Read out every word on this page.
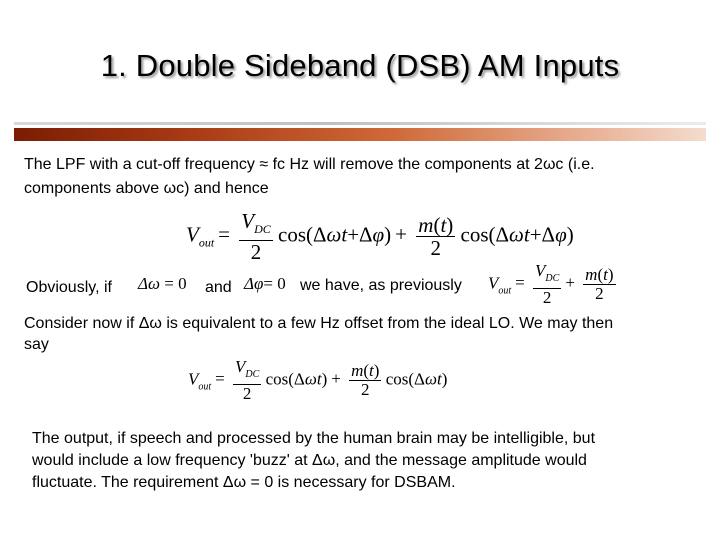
1. Double Sideband (DSB) AM Inputs
The LPF with a cut-off frequency ≈ fc Hz will remove the components at 2ωc (i.e.
components above ωc) and hence
$V_{out} = \frac{V_{DC}}{2} \cos(\Delta\omega t+\Delta\varphi) + \frac{m(t)}{2} \cos(\Delta\omega t+\Delta\varphi)$
Obviously, if Δω = 0 and Δφ= 0 we have, as previously $V_{out} = \frac{V_{DC}}{2} + \frac{m(t)}{2}$
Consider now if Δω is equivalent to a few Hz offset from the ideal LO. We may then
say
$V_{out} = \frac{V_{DC}}{2} \cos(\Delta\omega t) + \frac{m(t)}{2} \cos(\Delta\omega t)$
The output, if speech and processed by the human brain may be intelligible, but
would include a low frequency 'buzz' at Δω, and the message amplitude would
fluctuate. The requirement Δω = 0 is necessary for DSBAM.
